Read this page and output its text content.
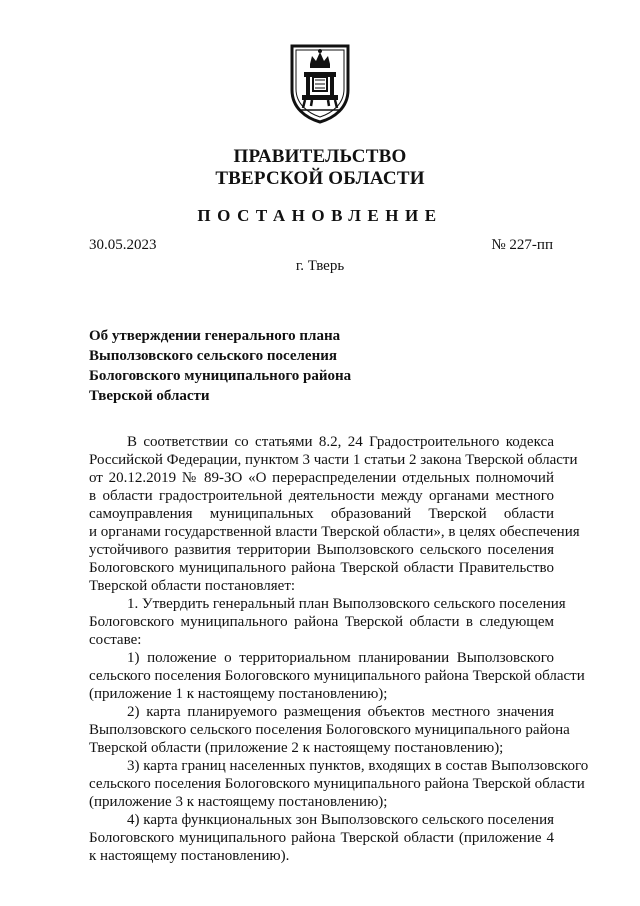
ПРАВИТЕЛЬСТВО
ТВЕРСКОЙ ОБЛАСТИ
ПОСТАНОВЛЕНИЕ
30.05.2023	№ 227-пп
г. Тверь
Об утверждении генерального плана
Выползовского сельского поселения
Бологовского муниципального района
Тверской области
В соответствии со статьями 8.2, 24 Градостроительного кодекса
Российской Федерации, пунктом 3 части 1 статьи 2 закона Тверской области
от 20.12.2019 № 89-ЗО «О перераспределении отдельных полномочий
в области градостроительной деятельности между органами местного
самоуправления муниципальных образований Тверской области
и органами государственной власти Тверской области», в целях обеспечения
устойчивого развития территории Выползовского сельского поселения
Бологовского муниципального района Тверской области Правительство
Тверской области постановляет:
1. Утвердить генеральный план Выползовского сельского поселения
Бологовского муниципального района Тверской области в следующем
составе:
1) положение о территориальном планировании Выползовского
сельского поселения Бологовского муниципального района Тверской области
(приложение 1 к настоящему постановлению);
2) карта планируемого размещения объектов местного значения
Выползовского сельского поселения Бологовского муниципального района
Тверской области (приложение 2 к настоящему постановлению);
3) карта границ населенных пунктов, входящих в состав Выползовского
сельского поселения Бологовского муниципального района Тверской области
(приложение 3 к настоящему постановлению);
4) карта функциональных зон Выползовского сельского поселения
Бологовского муниципального района Тверской области (приложение 4
к настоящему постановлению).
